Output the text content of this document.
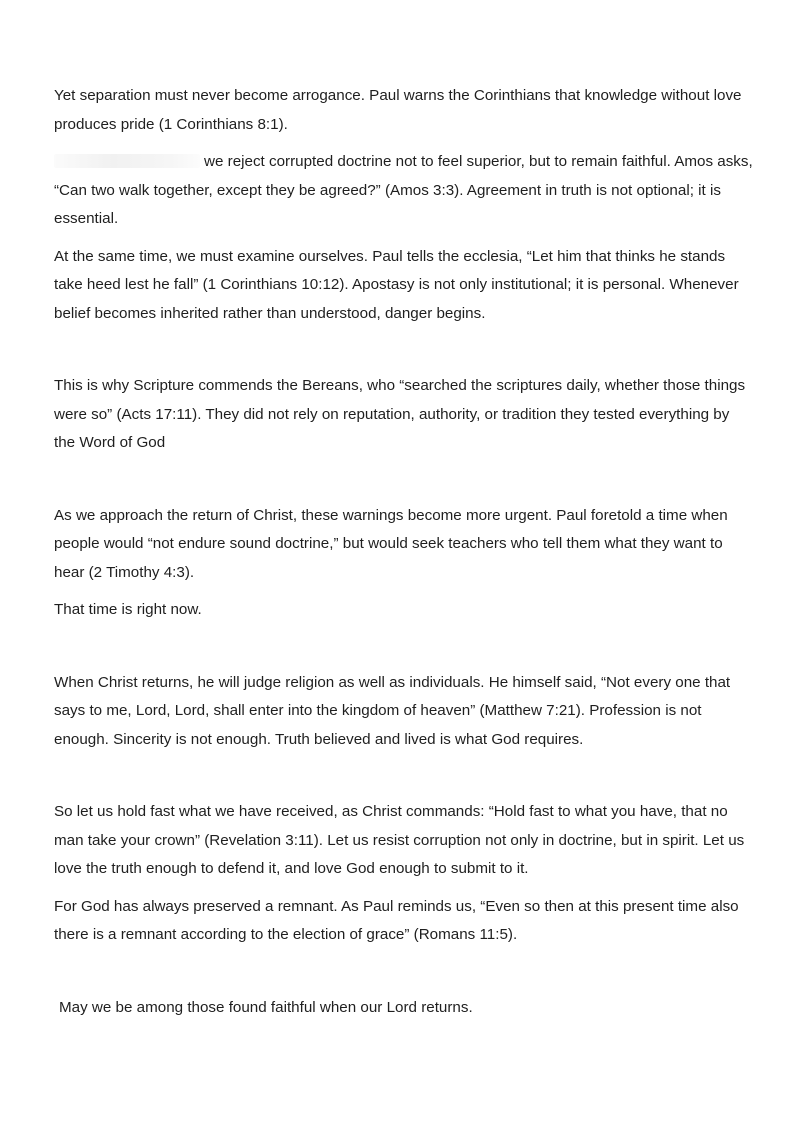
Yet separation must never become arrogance. Paul warns the Corinthians that knowledge without love produces pride (1 Corinthians 8:1).

we reject corrupted doctrine not to feel superior, but to remain faithful. Amos asks, “Can two walk together, except they be agreed?” (Amos 3:3). Agreement in truth is not optional; it is essential.

At the same time, we must examine ourselves. Paul tells the ecclesia, “Let him that thinks he stands take heed lest he fall” (1 Corinthians 10:12). Apostasy is not only institutional; it is personal. Whenever belief becomes inherited rather than understood, danger begins.

This is why Scripture commends the Bereans, who “searched the scriptures daily, whether those things were so” (Acts 17:11). They did not rely on reputation, authority, or tradition they tested everything by the Word of God

As we approach the return of Christ, these warnings become more urgent. Paul foretold a time when people would “not endure sound doctrine,” but would seek teachers who tell them what they want to hear (2 Timothy 4:3).

That time is right now.

When Christ returns, he will judge religion as well as individuals. He himself said, “Not every one that says to me, Lord, Lord, shall enter into the kingdom of heaven” (Matthew 7:21). Profession is not enough. Sincerity is not enough. Truth believed and lived is what God requires.

So let us hold fast what we have received, as Christ commands: “Hold fast to what you have, that no man take your crown” (Revelation 3:11). Let us resist corruption not only in doctrine, but in spirit. Let us love the truth enough to defend it, and love God enough to submit to it.

For God has always preserved a remnant. As Paul reminds us, “Even so then at this present time also there is a remnant according to the election of grace” (Romans 11:5).

May we be among those found faithful when our Lord returns.
